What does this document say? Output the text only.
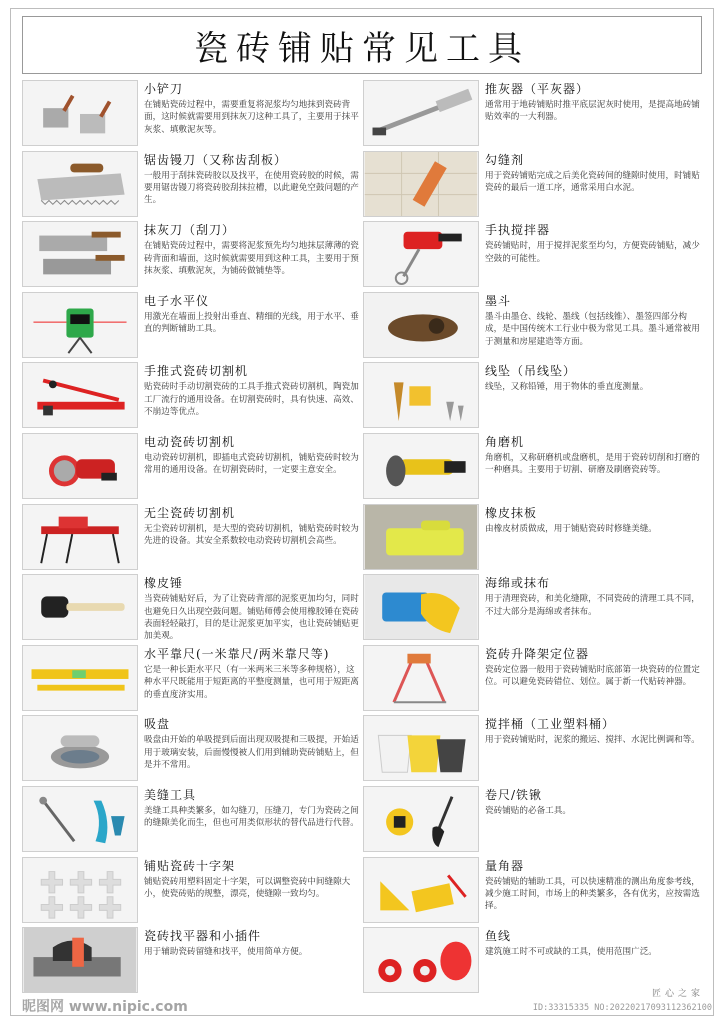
瓷砖铺贴常见工具
小铲刀
在铺贴瓷砖过程中，需要重复将泥浆均匀地抹到瓷砖背面，这时候就需要用到抹灰刀这种工具了，主要用于抹平灰浆、填敷泥灰等。
锯齿镘刀（又称齿刮板）
一般用于刮抹瓷砖胶以及找平，在使用瓷砖胶的时候，需要用锯齿镘刀将瓷砖胶刮抹拉槽，以此避免空鼓问题的产生。
抹灰刀（刮刀）
在铺贴瓷砖过程中，需要将泥浆预先均匀地抹层薄薄的瓷砖背面和墙面，这时候就需要用到这种工具，主要用于预抹灰浆、填敷泥灰，为铺砖做铺垫等。
电子水平仪
用激光在墙面上投射出垂直、精细的光线，用于水平、垂直的判断辅助工具。
手推式瓷砖切割机
贴瓷砖时手动切割瓷砖的工具手推式瓷砖切割机，陶瓷加工厂流行的通用设备。在切割瓷砖时，具有快速、高效、不崩边等优点。
电动瓷砖切割机
电动瓷砖切割机，即插电式瓷砖切割机，铺贴瓷砖时较为常用的通用设备。在切割瓷砖时，一定要主意安全。
无尘瓷砖切割机
无尘瓷砖切割机，是大型的瓷砖切割机，铺贴瓷砖时较为先进的设备。其安全系数较电动瓷砖切割机会高些。
橡皮锤
当瓷砖铺贴好后，为了让瓷砖背部的泥浆更加均匀，同时也避免日久出现空鼓问题。铺贴师傅会使用橡胶锤在瓷砖表面轻轻敲打，目的是让泥浆更加平实，也让瓷砖铺贴更加美观。
水平靠尺(一米靠尺/两米靠尺等)
它是一种长距水平尺（有一米两米三米等多种规格），这种水平尺既能用于短距离的平整度测量，也可用于短距离的垂直度济实用。
吸盘
吸盘由开始的单吸提到后面出现双吸提和三吸提，开始适用于玻璃安装，后面慢慢被人们用到辅助瓷砖铺贴上，但是并不常用。
美缝工具
美缝工具种类繁多，如勾缝刀，压缝刀，专门为瓷砖之间的缝隙美化而生，但也可用类似形状的替代品进行代替。
铺贴瓷砖十字架
铺贴瓷砖用塑料固定十字架，可以调整瓷砖中间缝隙大小，使瓷砖贴的规整，漂亮，使缝隙一致均匀。
瓷砖找平器和小插件
用于辅助瓷砖留缝和找平，使用简单方便。
推灰器（平灰器）
通常用于地砖铺贴时推平底层泥灰时使用，是提高地砖铺贴效率的一大利器。
勾缝剂
用于瓷砖铺贴完成之后美化瓷砖间的缝隙时使用，时铺贴瓷砖的最后一道工序，通常采用白水泥。
手执搅拌器
瓷砖铺贴时，用于搅拌泥浆至均匀，方便瓷砖铺贴，减少空鼓的可能性。
墨斗
墨斗由墨仓、线轮、墨线（包括线锥）、墨签四部分构成，是中国传统木工行业中极为常见工具。墨斗通常被用于测量和房屋建造等方面。
线坠（吊线坠）
线坠，又称铅锤，用于物体的垂直度测量。
角磨机
角磨机，又称研磨机或盘磨机，是用于瓷砖切削和打磨的一种磨具。主要用于切割、研磨及刷磨瓷砖等。
橡皮抹板
由橡皮材质做成，用于铺贴瓷砖时修缝美缝。
海绵或抹布
用于清理瓷砖，和美化缝隙，不同瓷砖的清理工具不同，不过大部分是海绵或者抹布。
瓷砖升降架定位器
瓷砖定位器一般用于瓷砖铺贴时底部第一块瓷砖的位置定位。可以避免瓷砖错位、划位。属于新一代贴砖神器。
搅拌桶（工业塑料桶）
用于瓷砖铺贴时，泥浆的搬运、搅拌、水泥比例调和等。
卷尺/铁锹
瓷砖铺贴的必备工具。
量角器
瓷砖铺贴的辅助工具，可以快速精准的测出角度参考线，减少施工时间，市场上的种类繁多，各有优劣，应按需选择。
鱼线
建筑施工时不可或缺的工具，使用范围广泛。
匠心之家
昵图网 www.nipic.com	ID:33315335 NO:20220217093112362100
